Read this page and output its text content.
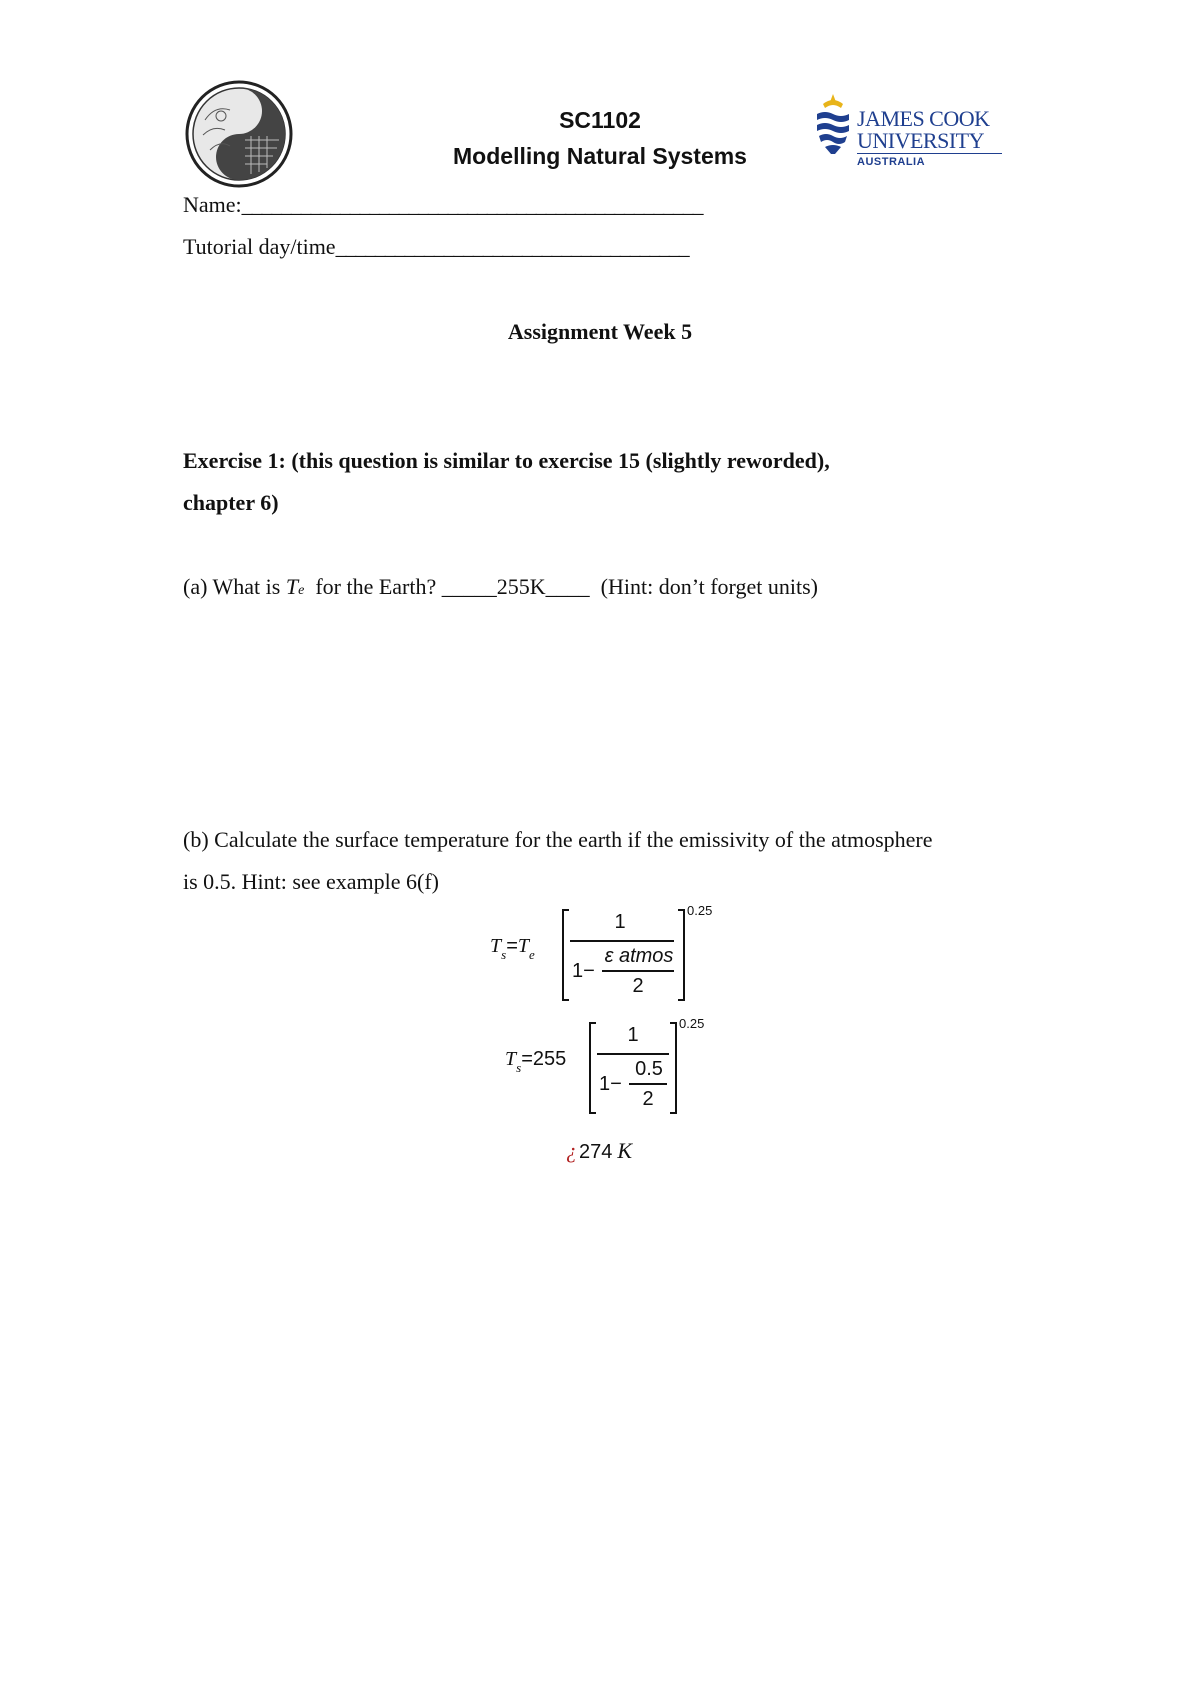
SC1102
Modelling Natural Systems
JAMES COOK
UNIVERSITY
AUSTRALIA
Name:_______________________________________________
Tutorial day/time____________________________________
Assignment Week 5
Exercise 1: (this question is similar to exercise 15 (slightly reworded),
chapter 6)
(a) What is Te  for the Earth? _____255K____  (Hint: don’t forget units)
(b) Calculate the surface temperature for the earth if the emissivity of the atmosphere
is 0.5. Hint: see example 6(f)
$T_s=T_e$
1
1−
ε atmos
2
0.25
$T_s=255$
1
1−
0.5
2
0.25
¿ 274 K
